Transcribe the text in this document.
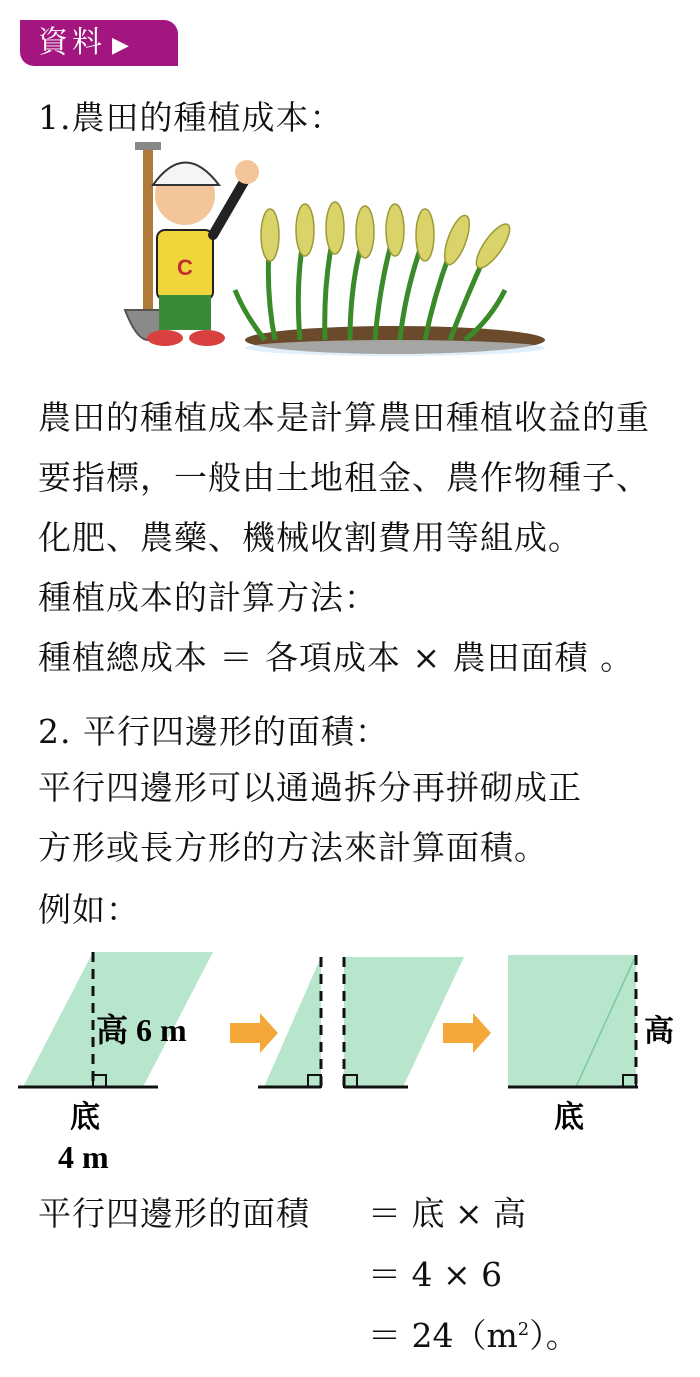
資料 ▶
1.農田的種植成本：
C
農田的種植成本是計算農田種植收益的重
要指標，一般由土地租金、農作物種子、
化肥、農藥、機械收割費用等組成。
種植成本的計算方法：
種植總成本 ＝ 各項成本 × 農田面積 。
2. 平行四邊形的面積：
平行四邊形可以通過拆分再拼砌成正
方形或長方形的方法來計算面積。
例如：
高 6 m
底
4 m
高
底
平行四邊形的面積 ＝ 底 × 高
＝ 4 × 6
＝ $24(m^2)$。
